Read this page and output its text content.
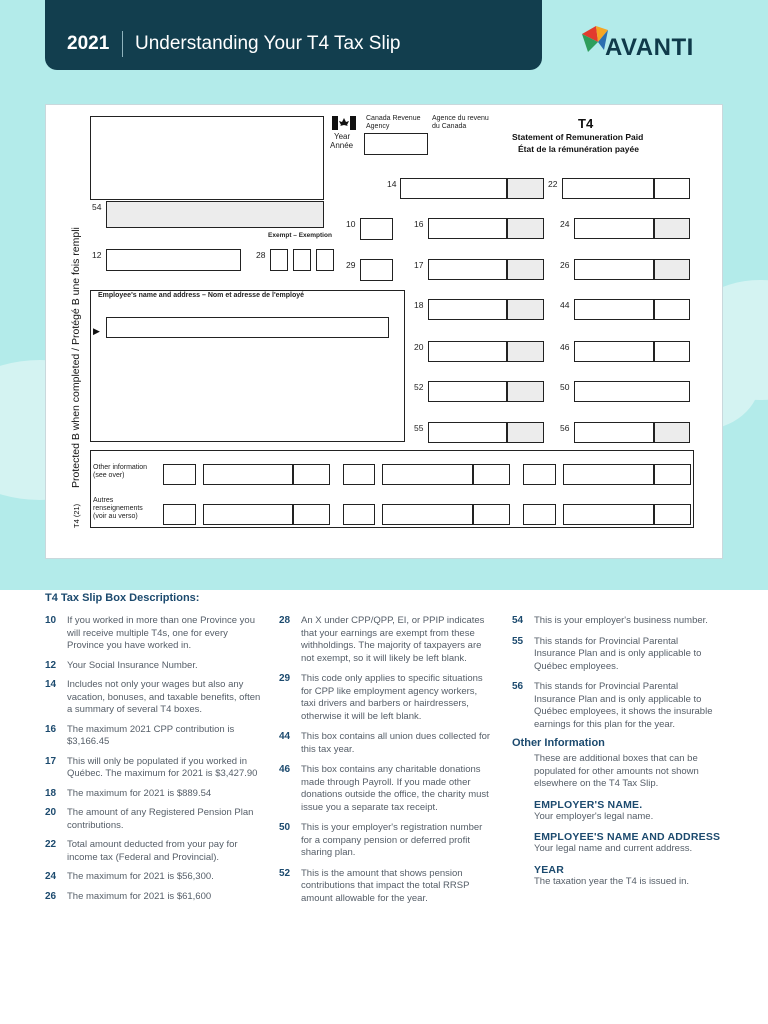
2021 Understanding Your T4 Tax Slip	AVANTI
Year
Année
Canada Revenue Agency
Agence du revenu du Canada	T4
Statement of Remuneration Paid
État de la rémunération payée
Protected B when completed / Protégé B une fois rempli
T4 (21)
54
Exempt – Exemption
12	28
10
29
Employee's name and address – Nom et adresse de l'employé
▶
14
16
17
18
20
52
55
22
24
26
44
46
50
56
Other information (see over)
Autres renseignements (voir au verso)
T4 Tax Slip Box Descriptions:
10 If you worked in more than one Province you will receive multiple T4s, one for every Province you have worked in.
12 Your Social Insurance Number.
14 Includes not only your wages but also any vacation, bonuses, and taxable benefits, often a summary of several T4 boxes.
16 The maximum 2021 CPP contribution is $3,166.45
17 This will only be populated if you worked in Québec. The maximum for 2021 is $3,427.90
18 The maximum for 2021 is $889.54
20 The amount of any Registered Pension Plan contributions.
22 Total amount deducted from your pay for income tax (Federal and Provincial).
24 The maximum for 2021 is $56,300.
26 The maximum for 2021 is $61,600
28 An X under CPP/QPP, EI, or PPIP indicates that your earnings are exempt from these withholdings. The majority of taxpayers are not exempt, so it will likely be left blank.
29 This code only applies to specific situations for CPP like employment agency workers, taxi drivers and barbers or hairdressers, otherwise it will be left blank.
44 This box contains all union dues collected for this tax year.
46 This box contains any charitable donations made through Payroll. If you made other donations outside the office, the charity must issue you a separate tax receipt.
50 This is your employer's registration number for a company pension or deferred profit sharing plan.
52 This is the amount that shows pension contributions that impact the total RRSP amount allowable for the year.
54 This is your employer's business number.
55 This stands for Provincial Parental Insurance Plan and is only applicable to Québec employees.
56 This stands for Provincial Parental Insurance Plan and is only applicable to Québec employees, it shows the insurable earnings for this plan for the year.
Other Information
These are additional boxes that can be populated for other amounts not shown elsewhere on the T4 Tax Slip.
EMPLOYER'S NAME.
Your employer's legal name.
EMPLOYEE'S NAME AND ADDRESS
Your legal name and current address.
YEAR
The taxation year the T4 is issued in.
